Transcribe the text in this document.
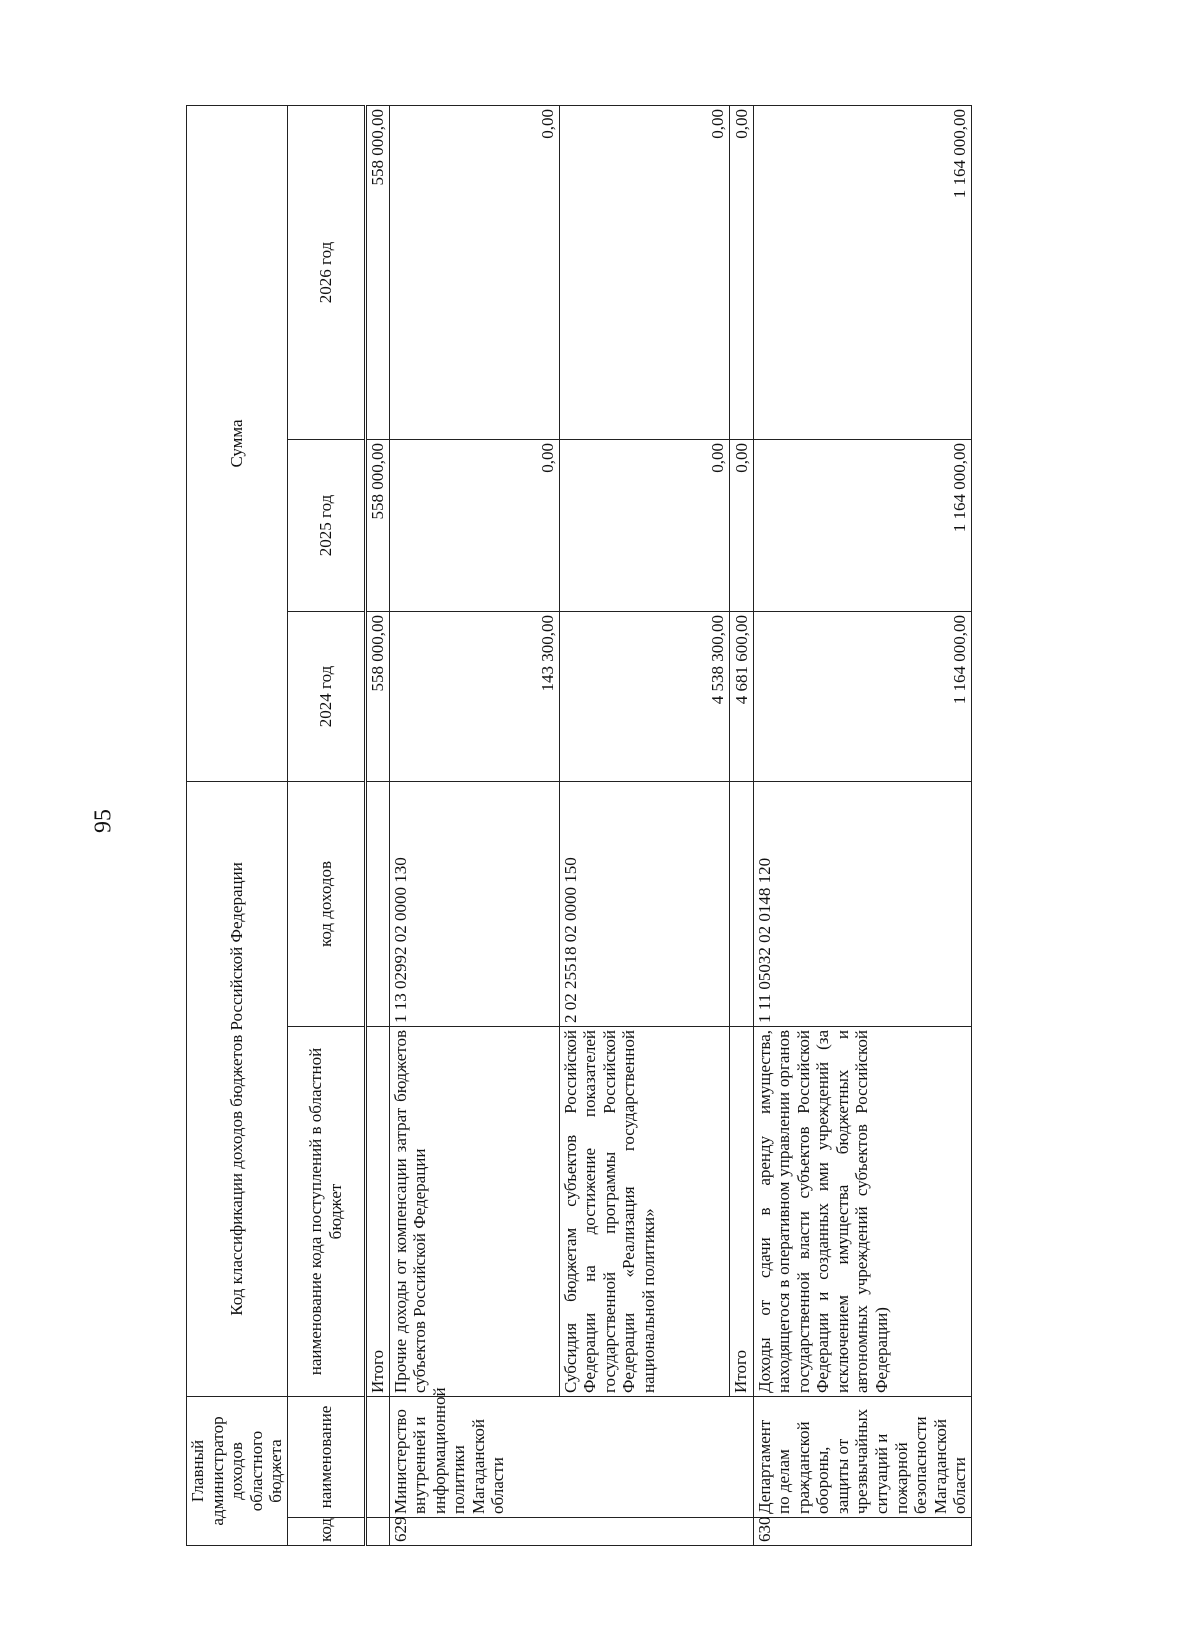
95
Главный администратор доходов областного бюджета		Код классификации доходов бюджетов Российской Федерации		Сумма		
код	наименование	наименование кода поступлений в областной бюджет	код доходов	2024 год	2025 год	2026 год
		Итого		558 000,00	558 000,00	558 000,00
629	Министерство внутренней и информационной политики Магаданской области	Прочие доходы от компенсации затрат бюджетов субъектов Российской Федерации	1 13 02992 02 0000 130	143 300,00	0,00	0,00
		Субсидия бюджетам субъектов Российской Федерации на достижение показателей государственной программы Российской Федерации «Реализация государственной национальной политики»	2 02 25518 02 0000 150	4 538 300,00	0,00	0,00
		Итого		4 681 600,00	0,00	0,00
630	Департамент по делам гражданской обороны, защиты от чрезвычайных ситуаций и пожарной безопасности Магаданской области	Доходы от сдачи в аренду имущества, находящегося в оперативном управлении органов государственной власти субъектов Российской Федерации и созданных ими учреждений (за исключением имущества бюджетных и автономных учреждений субъектов Российской Федерации)	1 11 05032 02 0148 120	1 164 000,00	1 164 000,00	1 164 000,00
